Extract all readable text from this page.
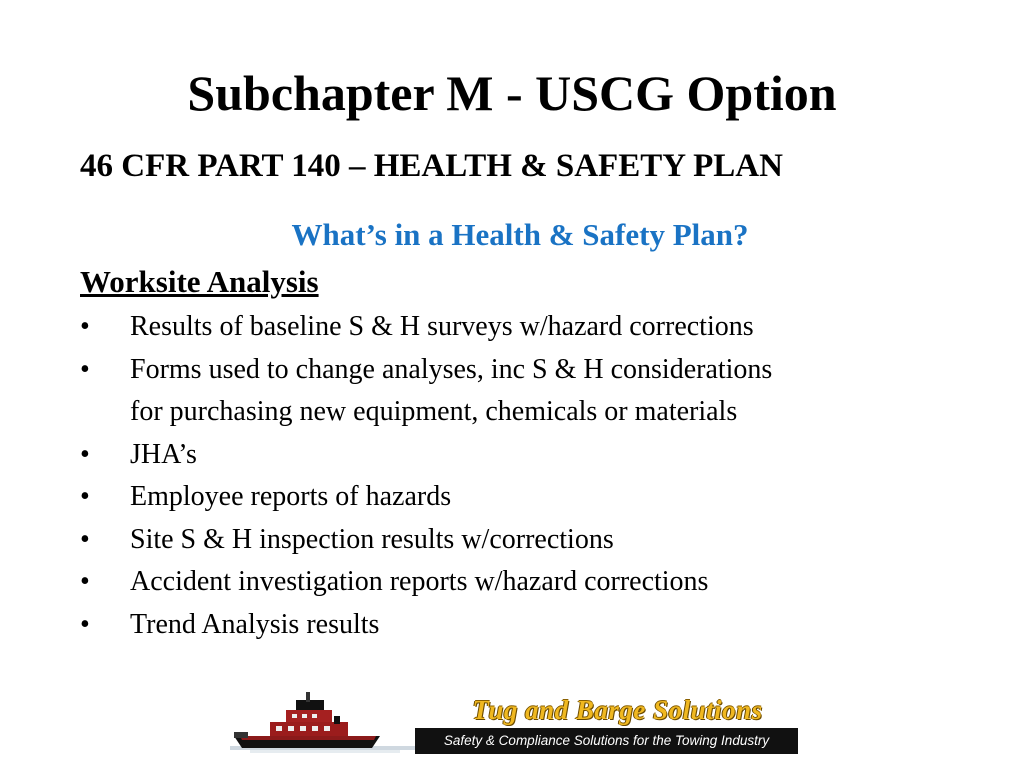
Subchapter M - USCG Option
46 CFR PART 140 – HEALTH & SAFETY PLAN
What’s in a Health & Safety Plan?
Worksite Analysis
•	Results of baseline S & H surveys w/hazard corrections
•	Forms used to change analyses, inc S & H considerations
for purchasing new equipment, chemicals or materials
•	JHA’s
•	Employee reports of hazards
•	Site S & H inspection results w/corrections
•	Accident investigation reports w/hazard corrections
•	Trend Analysis results
Tug and Barge Solutions
Safety & Compliance Solutions for the Towing Industry
